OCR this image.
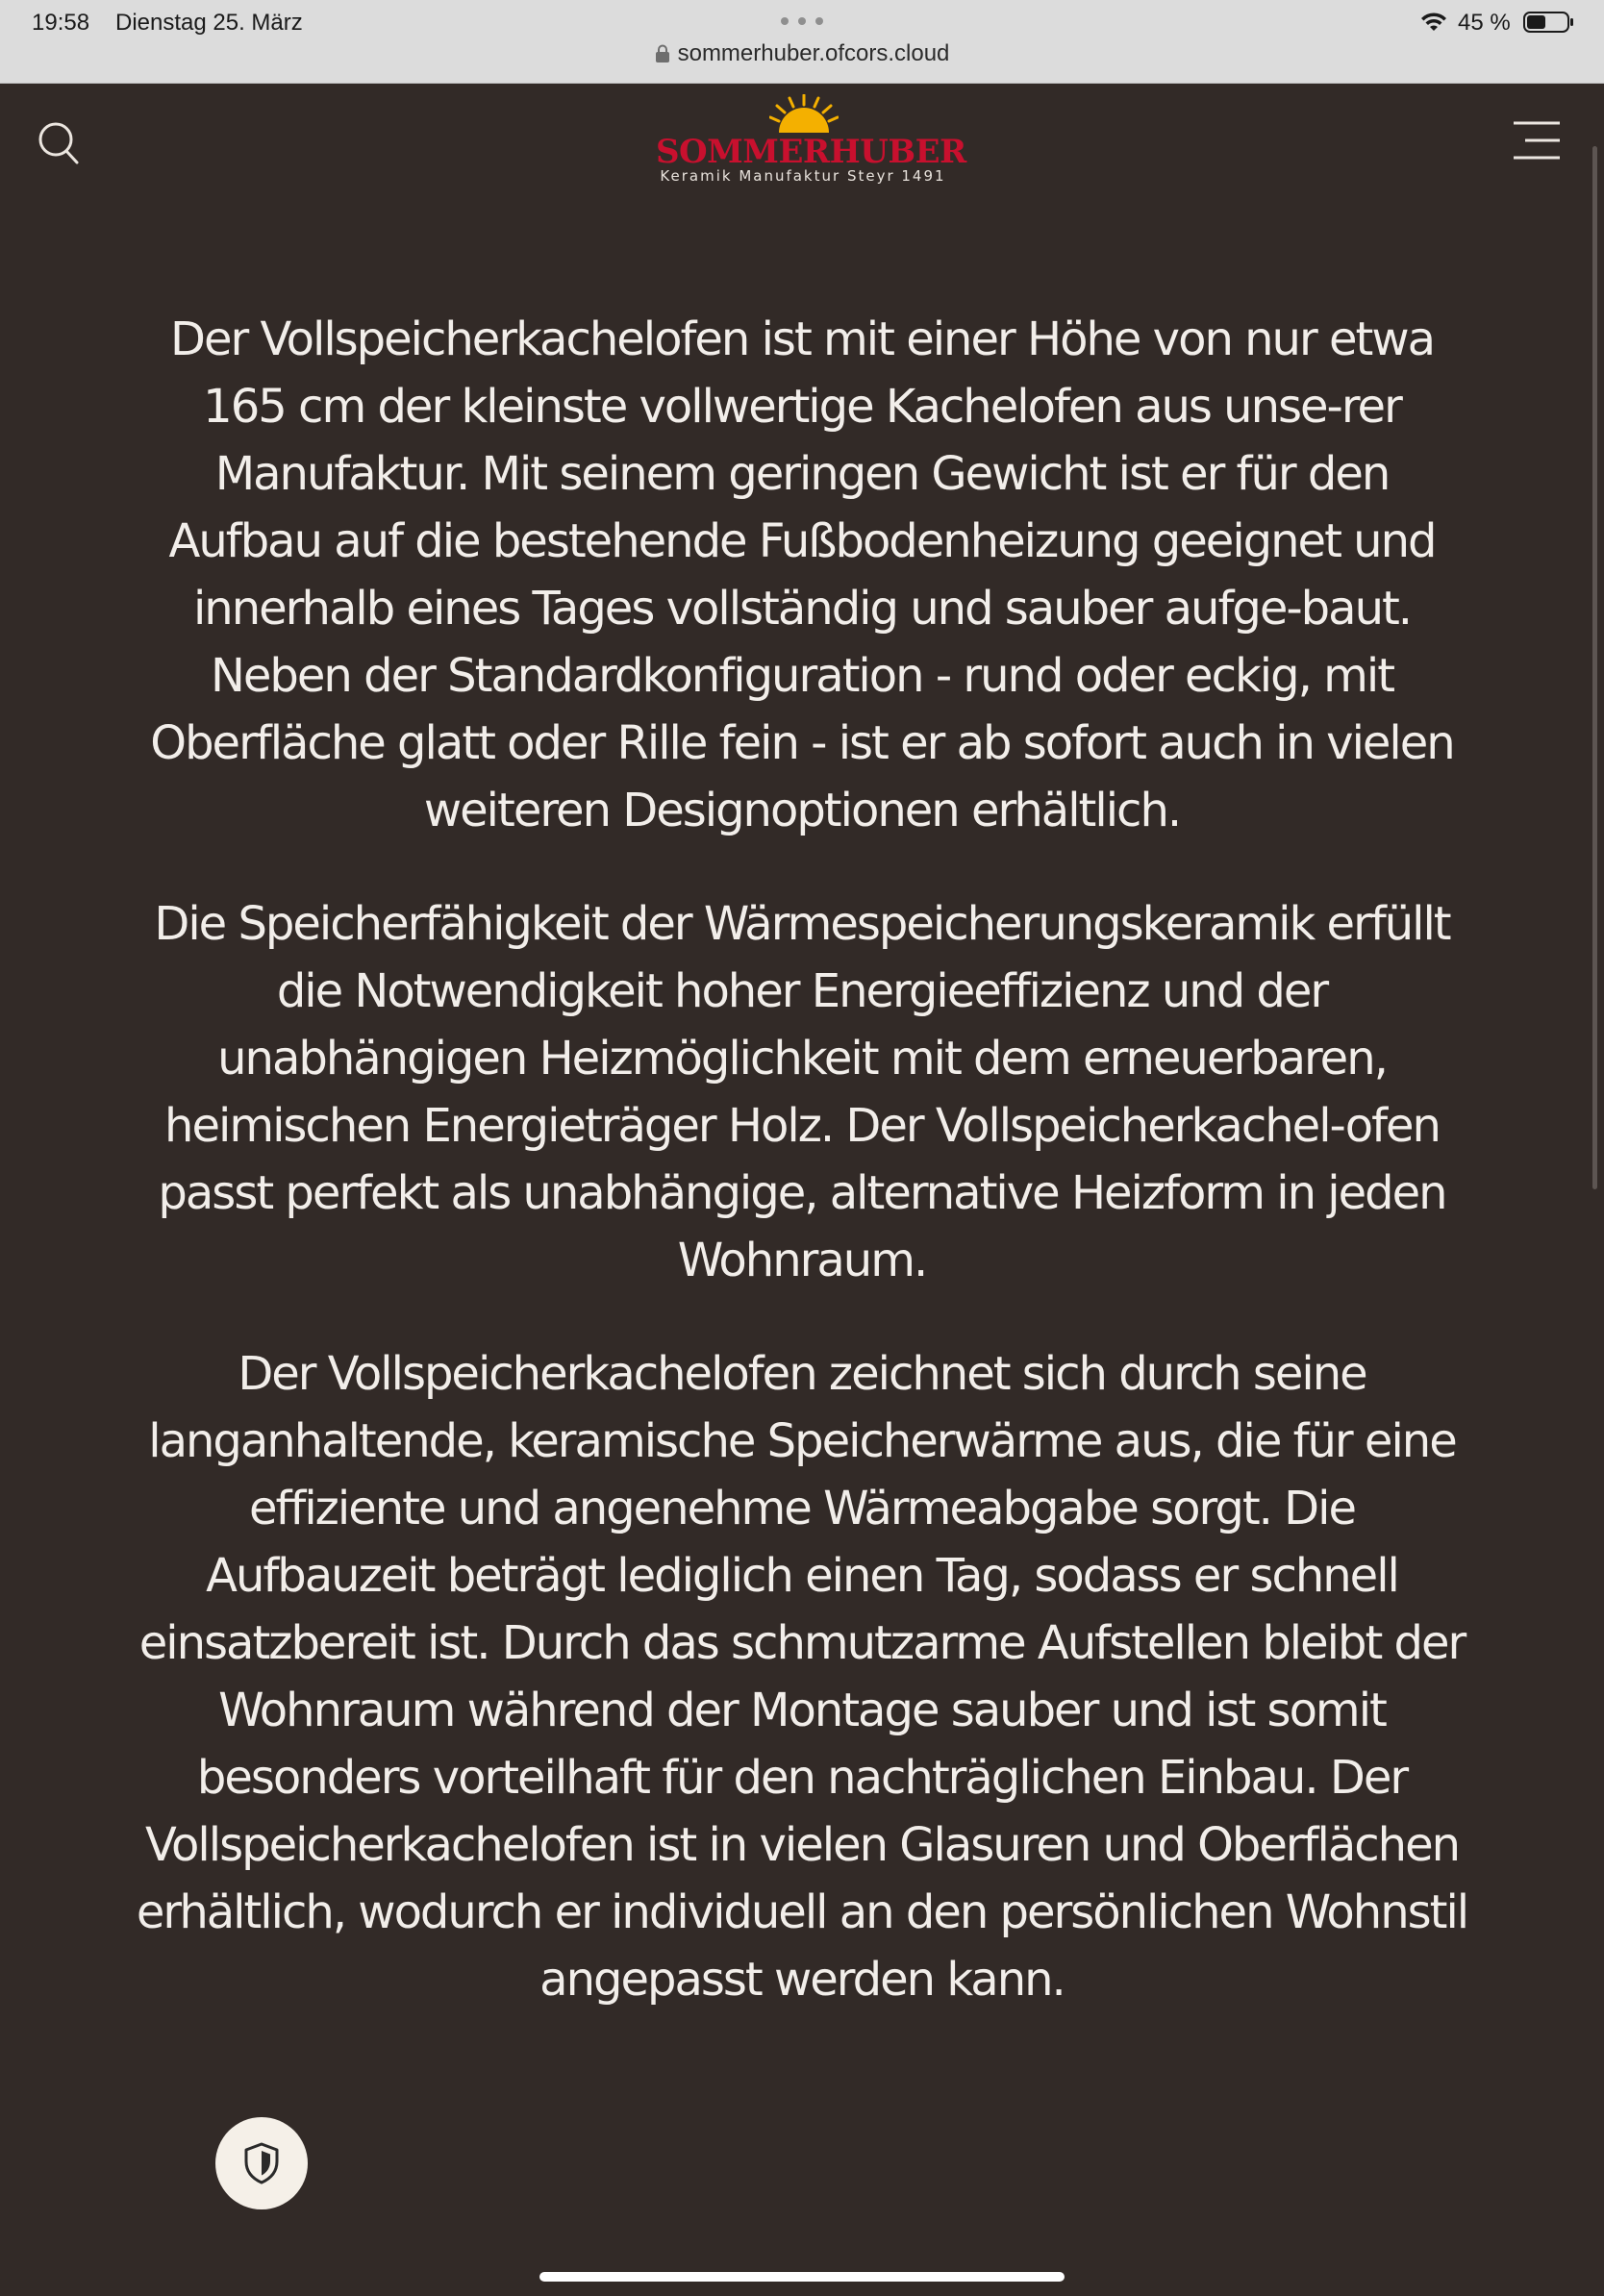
19:58 Dienstag 25. März	45 %
sommerhuber.ofcors.cloud
SOMMERHUBER
Keramik Manufaktur Steyr 1491

Der Vollspeicherkachelofen ist mit einer Höhe von nur etwa 165 cm der kleinste vollwertige Kachelofen aus unse-rer Manufaktur. Mit seinem geringen Gewicht ist er für den Aufbau auf die bestehende Fußbodenheizung geeignet und innerhalb eines Tages vollständig und sauber aufge-baut. Neben der Standardkonfiguration - rund oder eckig, mit Oberfläche glatt oder Rille fein - ist er ab sofort auch in vielen weiteren Designoptionen erhältlich.

Die Speicherfähigkeit der Wärmespeicherungskeramik erfüllt die Notwendigkeit hoher Energieeffizienz und der unabhängigen Heizmöglichkeit mit dem erneuerbaren, heimischen Energieträger Holz. Der Vollspeicherkachel-ofen passt perfekt als unabhängige, alternative Heizform in jeden Wohnraum.

Der Vollspeicherkachelofen zeichnet sich durch seine langanhaltende, keramische Speicherwärme aus, die für eine effiziente und angenehme Wärmeabgabe sorgt. Die Aufbauzeit beträgt lediglich einen Tag, sodass er schnell einsatzbereit ist. Durch das schmutzarme Aufstellen bleibt der Wohnraum während der Montage sauber und ist somit besonders vorteilhaft für den nachträglichen Einbau. Der Vollspeicherkachelofen ist in vielen Glasuren und Oberflächen erhältlich, wodurch er individuell an den persönlichen Wohnstil angepasst werden kann.
